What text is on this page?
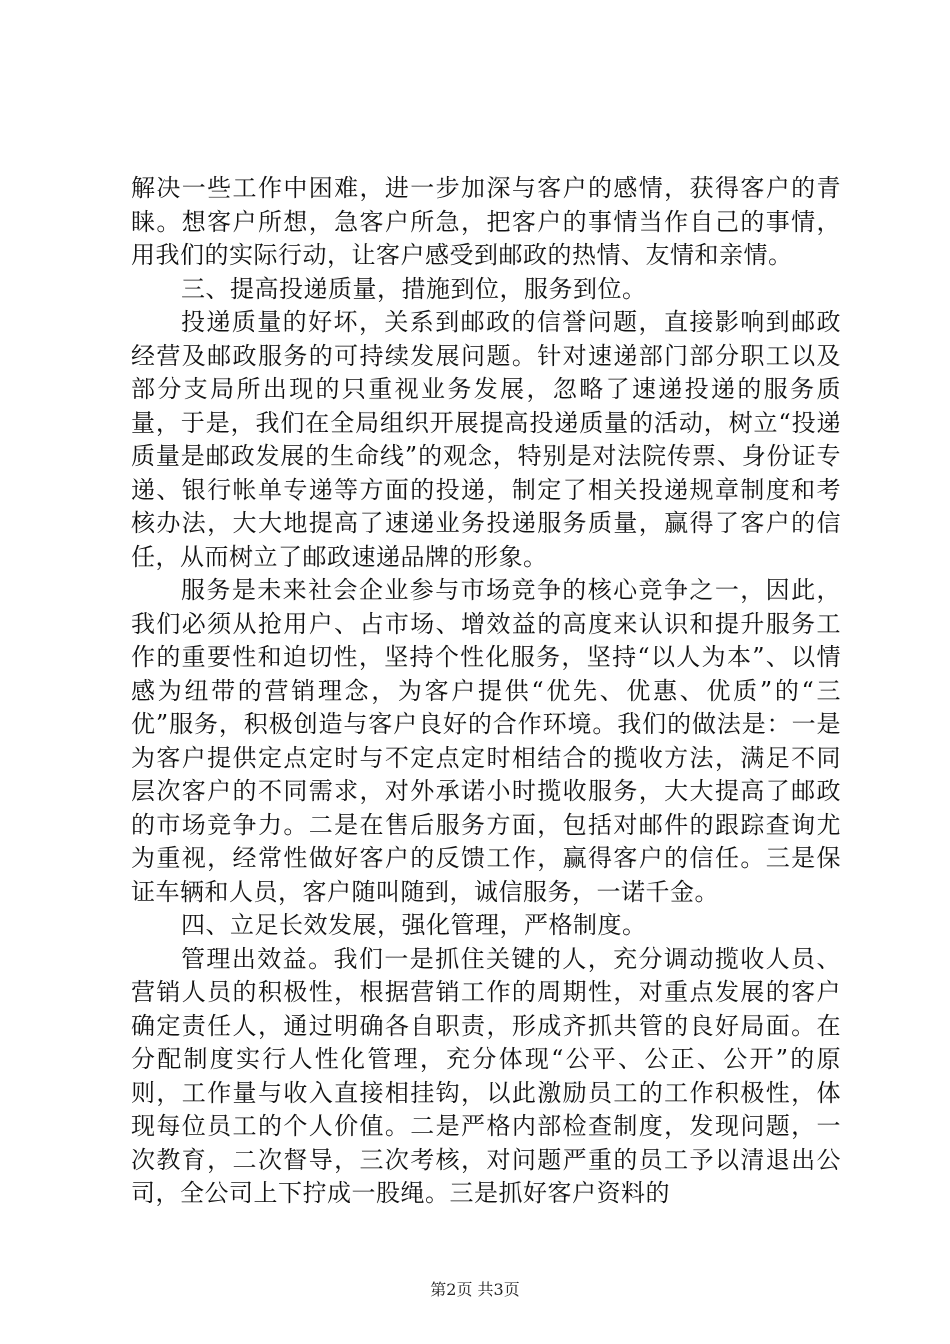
解决一些工作中困难，进一步加深与客户的感情，获得客户的青睐。想客户所想，急客户所急，把客户的事情当作自己的事情，用我们的实际行动，让客户感受到邮政的热情、友情和亲情。

三、提高投递质量，措施到位，服务到位。

投递质量的好坏，关系到邮政的信誉问题，直接影响到邮政经营及邮政服务的可持续发展问题。针对速递部门部分职工以及部分支局所出现的只重视业务发展，忽略了速递投递的服务质量，于是，我们在全局组织开展提高投递质量的活动，树立“投递质量是邮政发展的生命线”的观念，特别是对法院传票、身份证专递、银行帐单专递等方面的投递，制定了相关投递规章制度和考核办法，大大地提高了速递业务投递服务质量，赢得了客户的信任，从而树立了邮政速递品牌的形象。

服务是未来社会企业参与市场竞争的核心竞争之一，因此，我们必须从抢用户、占市场、增效益的高度来认识和提升服务工作的重要性和迫切性，坚持个性化服务，坚持“以人为本”、以情感为纽带的营销理念，为客户提供“优先、优惠、优质”的“三优”服务，积极创造与客户良好的合作环境。我们的做法是：一是为客户提供定点定时与不定点定时相结合的揽收方法，满足不同层次客户的不同需求，对外承诺小时揽收服务，大大提高了邮政的市场竞争力。二是在售后服务方面，包括对邮件的跟踪查询尤为重视，经常性做好客户的反馈工作，赢得客户的信任。三是保证车辆和人员，客户随叫随到，诚信服务，一诺千金。

四、立足长效发展，强化管理，严格制度。

管理出效益。我们一是抓住关键的人，充分调动揽收人员、营销人员的积极性，根据营销工作的周期性，对重点发展的客户确定责任人，通过明确各自职责，形成齐抓共管的良好局面。在分配制度实行人性化管理，充分体现“公平、公正、公开”的原则，工作量与收入直接相挂钩，以此激励员工的工作积极性，体现每位员工的个人价值。二是严格内部检查制度，发现问题，一次教育，二次督导，三次考核，对问题严重的员工予以清退出公司，全公司上下拧成一股绳。三是抓好客户资料的

第2页 共3页
